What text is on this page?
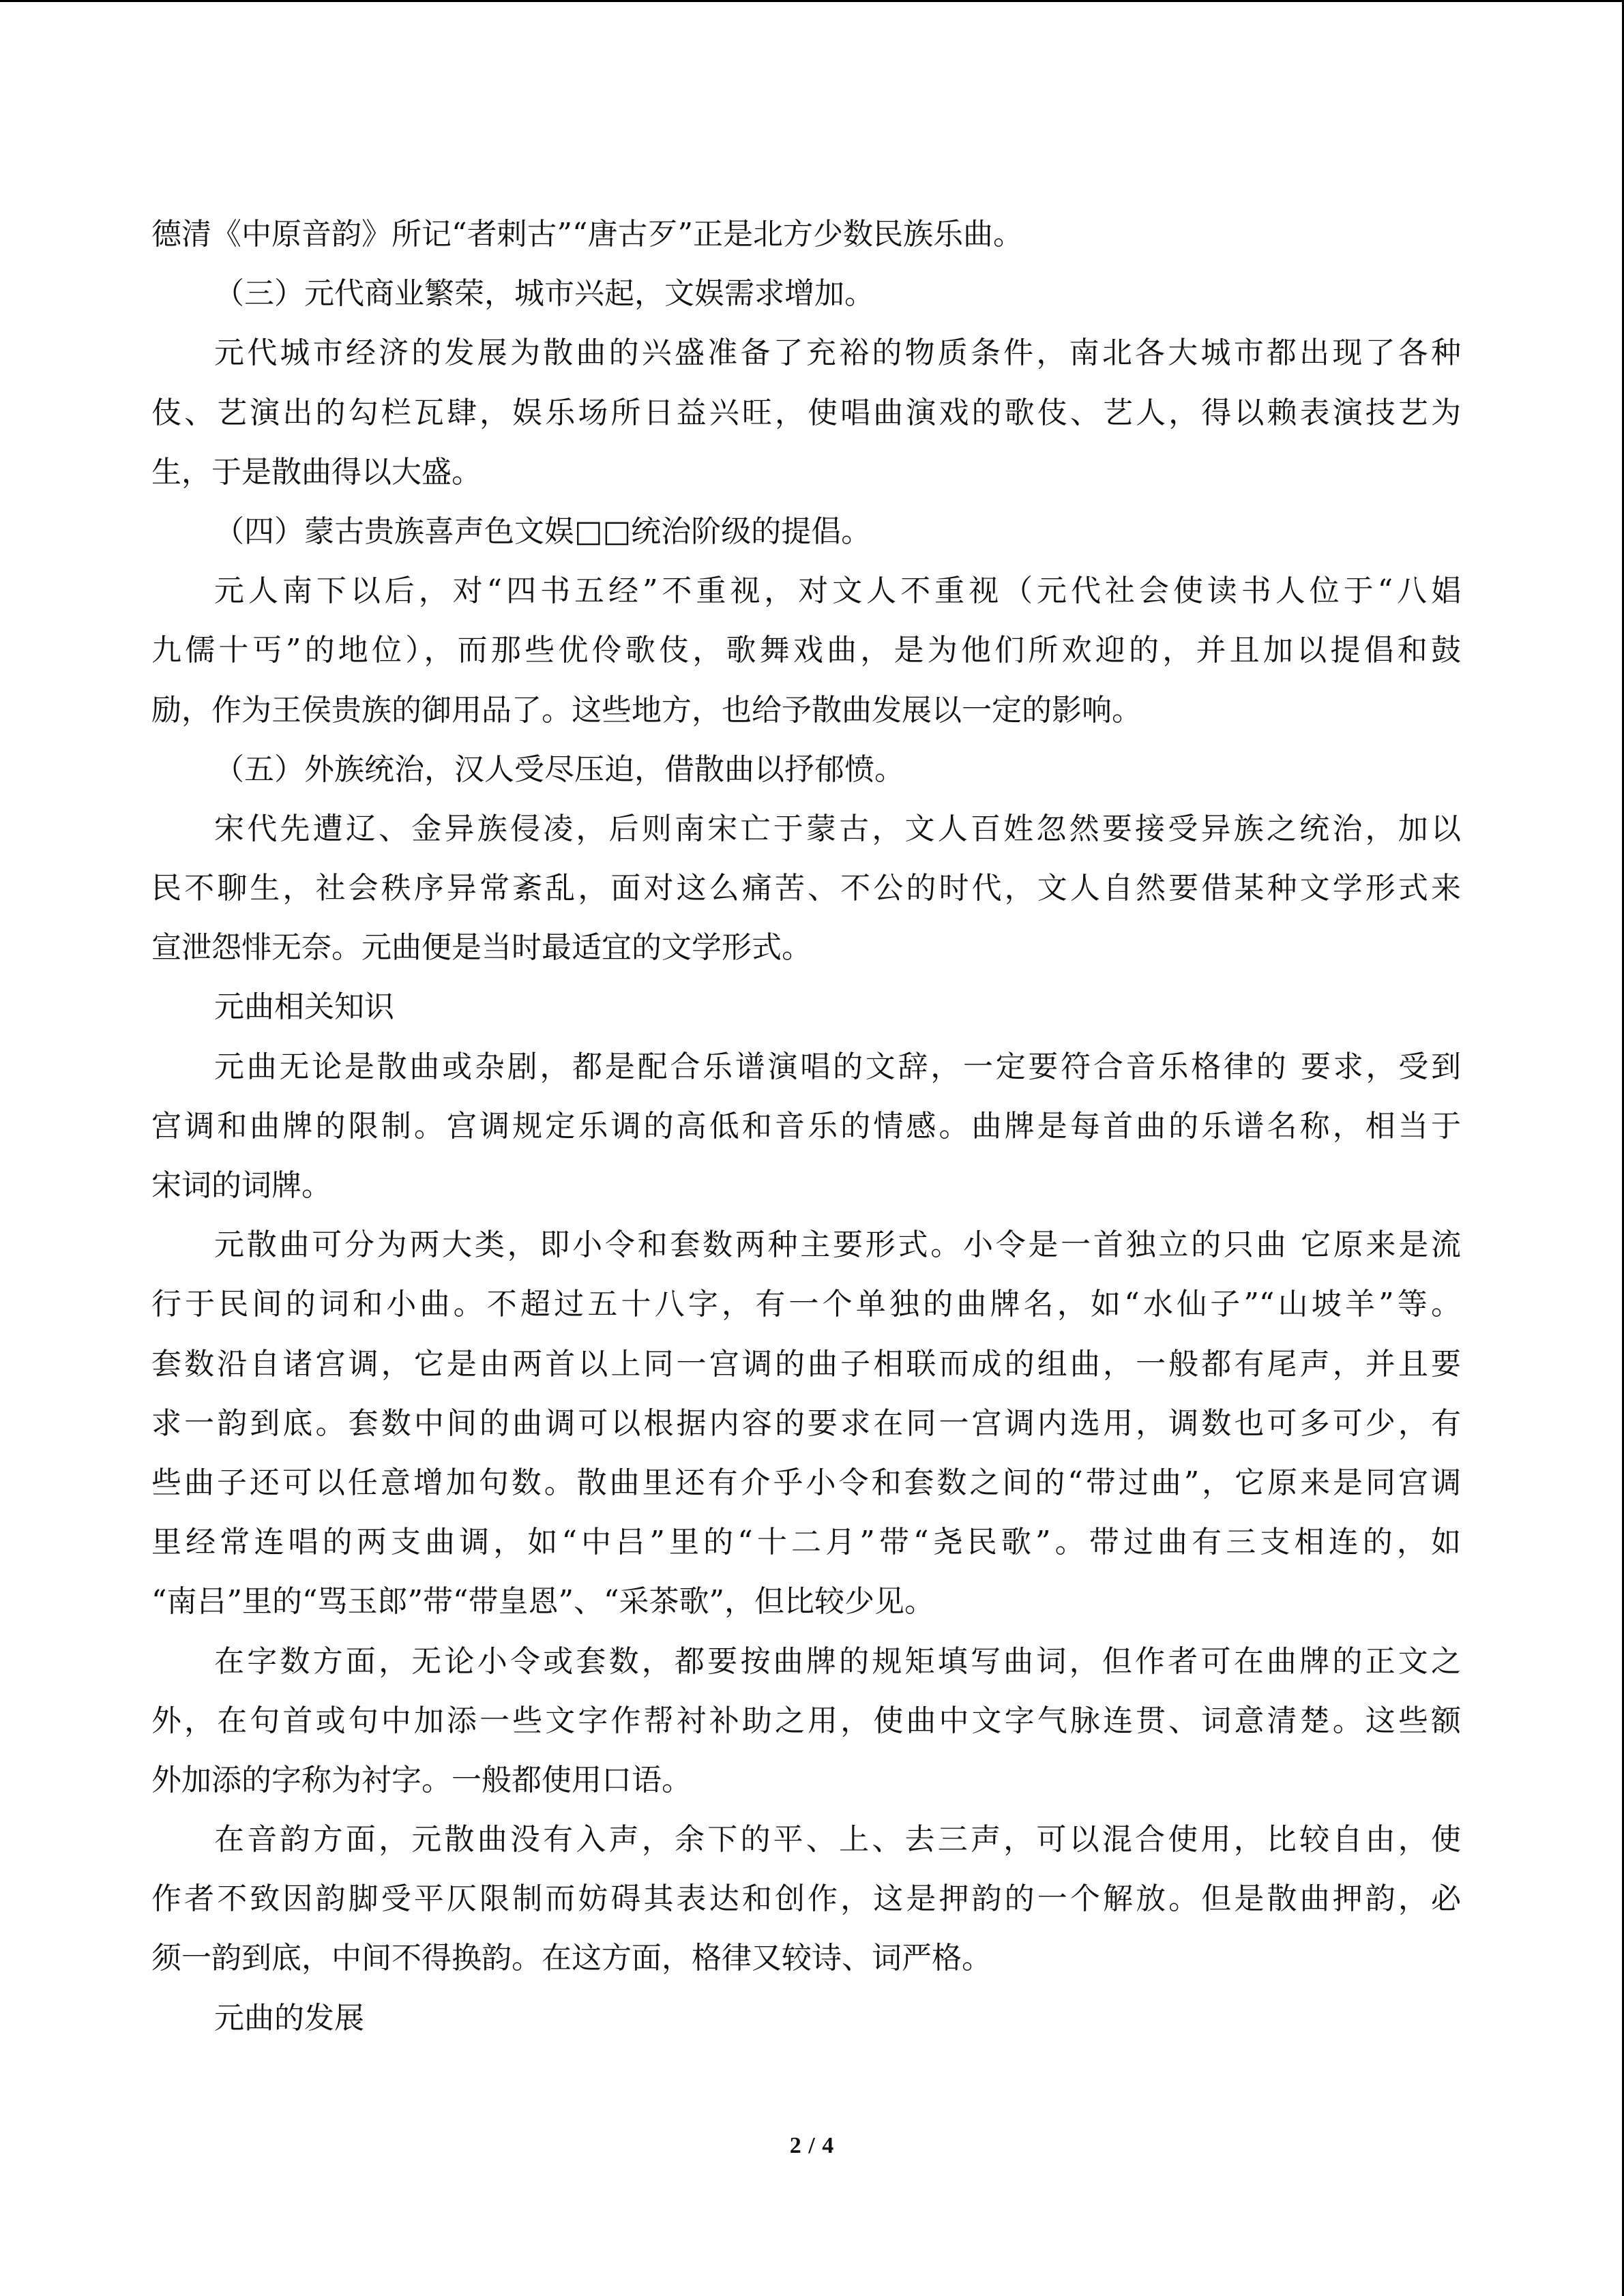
德清《中原音韵》所记“者剌古”“唐古歹”正是北方少数民族乐曲。
（三）元代商业繁荣，城市兴起，文娱需求增加。
元代城市经济的发展为散曲的兴盛准备了充裕的物质条件，南北各大城市都出现了各种
伎、艺演出的勾栏瓦肆，娱乐场所日益兴旺，使唱曲演戏的歌伎、艺人，得以赖表演技艺为
生，于是散曲得以大盛。
（四）蒙古贵族喜声色文娱□□统治阶级的提倡。
元人南下以后，对“四书五经”不重视，对文人不重视（元代社会使读书人位于“八娼
九儒十丐”的地位），而那些优伶歌伎，歌舞戏曲，是为他们所欢迎的，并且加以提倡和鼓
励，作为王侯贵族的御用品了。这些地方，也给予散曲发展以一定的影响。
（五）外族统治，汉人受尽压迫，借散曲以抒郁愤。
宋代先遭辽、金异族侵凌，后则南宋亡于蒙古，文人百姓忽然要接受异族之统治，加以
民不聊生，社会秩序异常紊乱，面对这么痛苦、不公的时代，文人自然要借某种文学形式来
宣泄怨悱无奈。元曲便是当时最适宜的文学形式。
元曲相关知识
元曲无论是散曲或杂剧，都是配合乐谱演唱的文辞，一定要符合音乐格律的 要求，受到
宫调和曲牌的限制。宫调规定乐调的高低和音乐的情感。曲牌是每首曲的乐谱名称，相当于
宋词的词牌。
元散曲可分为两大类，即小令和套数两种主要形式。小令是一首独立的只曲 它原来是流
行于民间的词和小曲。不超过五十八字，有一个单独的曲牌名，如“水仙子”“山坡羊”等。
套数沿自诸宫调，它是由两首以上同一宫调的曲子相联而成的组曲，一般都有尾声，并且要
求一韵到底。套数中间的曲调可以根据内容的要求在同一宫调内选用，调数也可多可少，有
些曲子还可以任意增加句数。散曲里还有介乎小令和套数之间的“带过曲”，它原来是同宫调
里经常连唱的两支曲调，如“中吕”里的“十二月”带“尧民歌”。带过曲有三支相连的，如
“南吕”里的“骂玉郎”带“带皇恩”、“采茶歌”，但比较少见。
在字数方面，无论小令或套数，都要按曲牌的规矩填写曲词，但作者可在曲牌的正文之
外，在句首或句中加添一些文字作帮衬补助之用，使曲中文字气脉连贯、词意清楚。这些额
外加添的字称为衬字。一般都使用口语。
在音韵方面，元散曲没有入声，余下的平、上、去三声，可以混合使用，比较自由，使
作者不致因韵脚受平仄限制而妨碍其表达和创作，这是押韵的一个解放。但是散曲押韵，必
须一韵到底，中间不得换韵。在这方面，格律又较诗、词严格。
元曲的发展
2 / 4
